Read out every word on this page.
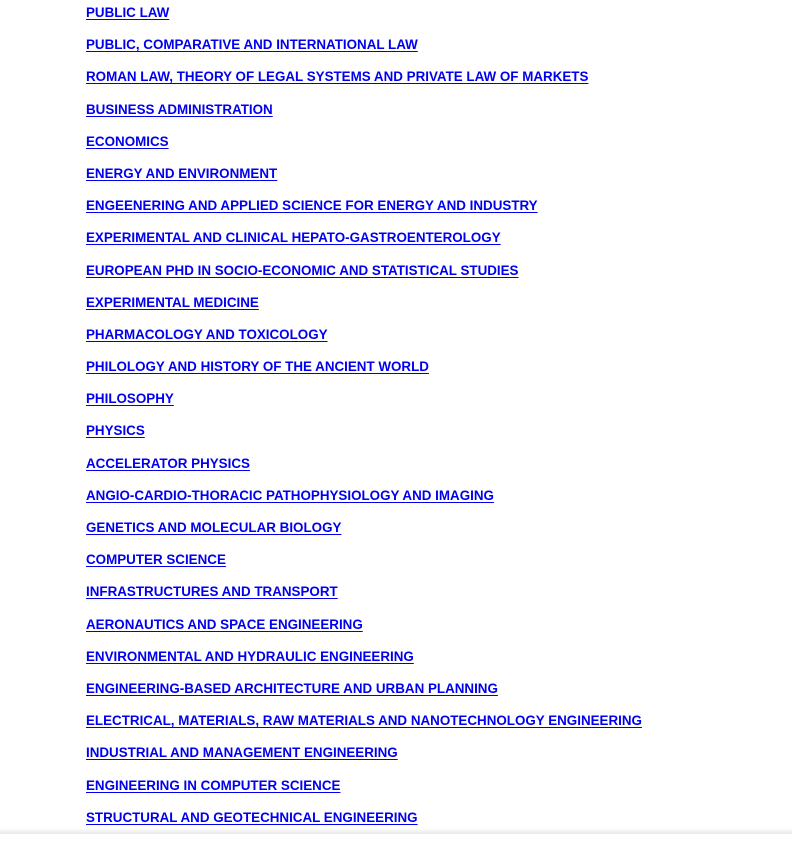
PUBLIC LAW
PUBLIC, COMPARATIVE AND INTERNATIONAL LAW
ROMAN LAW, THEORY OF LEGAL SYSTEMS AND PRIVATE LAW OF MARKETS
BUSINESS ADMINISTRATION
ECONOMICS
ENERGY AND ENVIRONMENT
ENGEENERING AND APPLIED SCIENCE FOR ENERGY AND INDUSTRY
EXPERIMENTAL AND CLINICAL HEPATO-GASTROENTEROLOGY
EUROPEAN PHD IN SOCIO-ECONOMIC AND STATISTICAL STUDIES
EXPERIMENTAL MEDICINE
PHARMACOLOGY AND TOXICOLOGY
PHILOLOGY AND HISTORY OF THE ANCIENT WORLD
PHILOSOPHY
PHYSICS
ACCELERATOR PHYSICS
ANGIO-CARDIO-THORACIC PATHOPHYSIOLOGY AND IMAGING
GENETICS AND MOLECULAR BIOLOGY
COMPUTER SCIENCE
INFRASTRUCTURES AND TRANSPORT
AERONAUTICS AND SPACE ENGINEERING
ENVIRONMENTAL AND HYDRAULIC ENGINEERING
ENGINEERING-BASED ARCHITECTURE AND URBAN PLANNING
ELECTRICAL, MATERIALS, RAW MATERIALS AND NANOTECHNOLOGY ENGINEERING
INDUSTRIAL AND MANAGEMENT ENGINEERING
ENGINEERING IN COMPUTER SCIENCE
STRUCTURAL AND GEOTECHNICAL ENGINEERING
